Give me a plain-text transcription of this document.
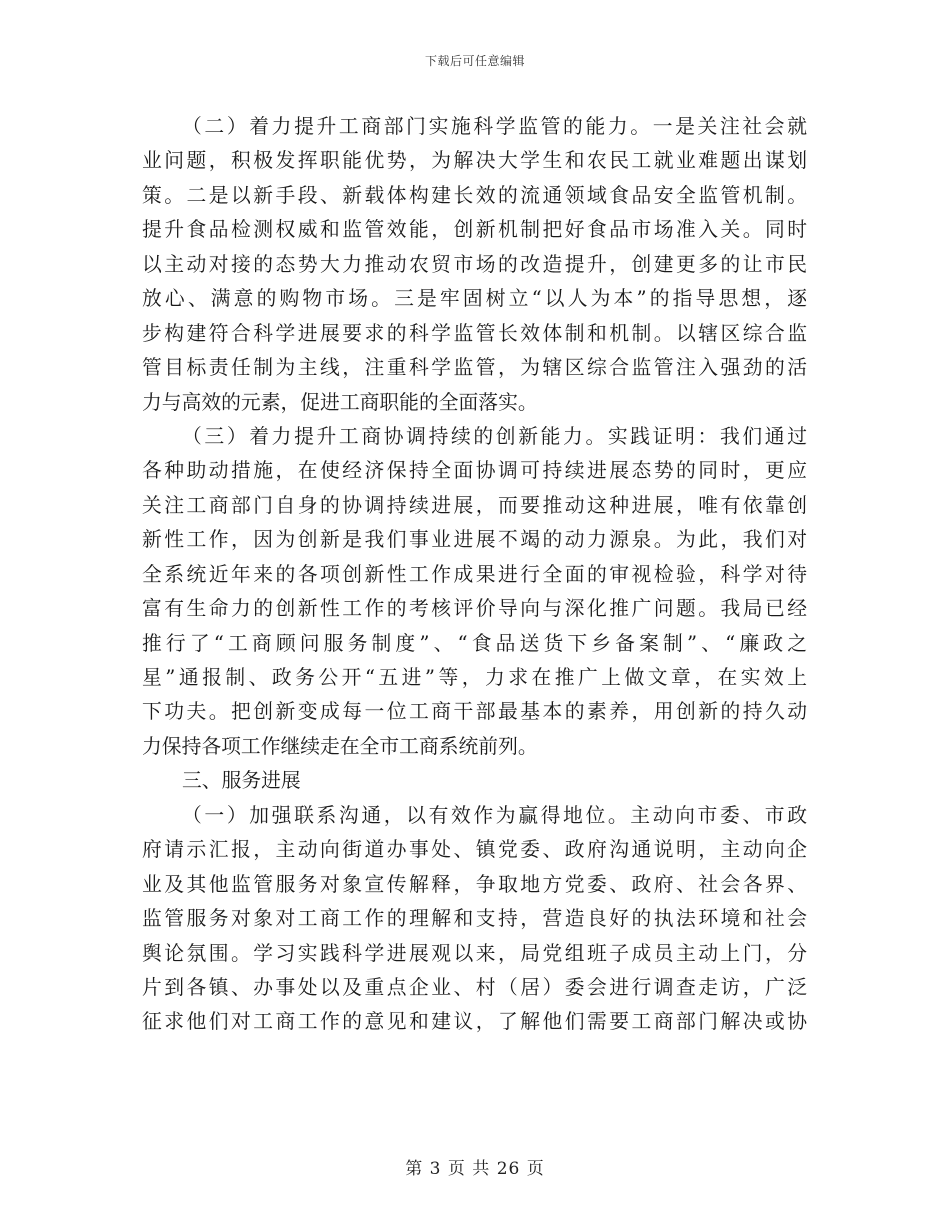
下载后可任意编辑
（二）着力提升工商部门实施科学监管的能力。一是关注社会就
业问题，积极发挥职能优势，为解决大学生和农民工就业难题出谋划
策。二是以新手段、新载体构建长效的流通领域食品安全监管机制。
提升食品检测权威和监管效能，创新机制把好食品市场准入关。同时
以主动对接的态势大力推动农贸市场的改造提升，创建更多的让市民
放心、满意的购物市场。三是牢固树立“以人为本”的指导思想，逐
步构建符合科学进展要求的科学监管长效体制和机制。以辖区综合监
管目标责任制为主线，注重科学监管，为辖区综合监管注入强劲的活
力与高效的元素，促进工商职能的全面落实。
（三）着力提升工商协调持续的创新能力。实践证明：我们通过
各种助动措施，在使经济保持全面协调可持续进展态势的同时，更应
关注工商部门自身的协调持续进展，而要推动这种进展，唯有依靠创
新性工作，因为创新是我们事业进展不竭的动力源泉。为此，我们对
全系统近年来的各项创新性工作成果进行全面的审视检验，科学对待
富有生命力的创新性工作的考核评价导向与深化推广问题。我局已经
推行了“工商顾问服务制度”、“食品送货下乡备案制”、“廉政之
星”通报制、政务公开“五进”等，力求在推广上做文章，在实效上
下功夫。把创新变成每一位工商干部最基本的素养，用创新的持久动
力保持各项工作继续走在全市工商系统前列。
三、服务进展
（一）加强联系沟通，以有效作为赢得地位。主动向市委、市政
府请示汇报，主动向街道办事处、镇党委、政府沟通说明，主动向企
业及其他监管服务对象宣传解释，争取地方党委、政府、社会各界、
监管服务对象对工商工作的理解和支持，营造良好的执法环境和社会
舆论氛围。学习实践科学进展观以来，局党组班子成员主动上门，分
片到各镇、办事处以及重点企业、村（居）委会进行调查走访，广泛
征求他们对工商工作的意见和建议，了解他们需要工商部门解决或协
第 3 页 共 26 页
